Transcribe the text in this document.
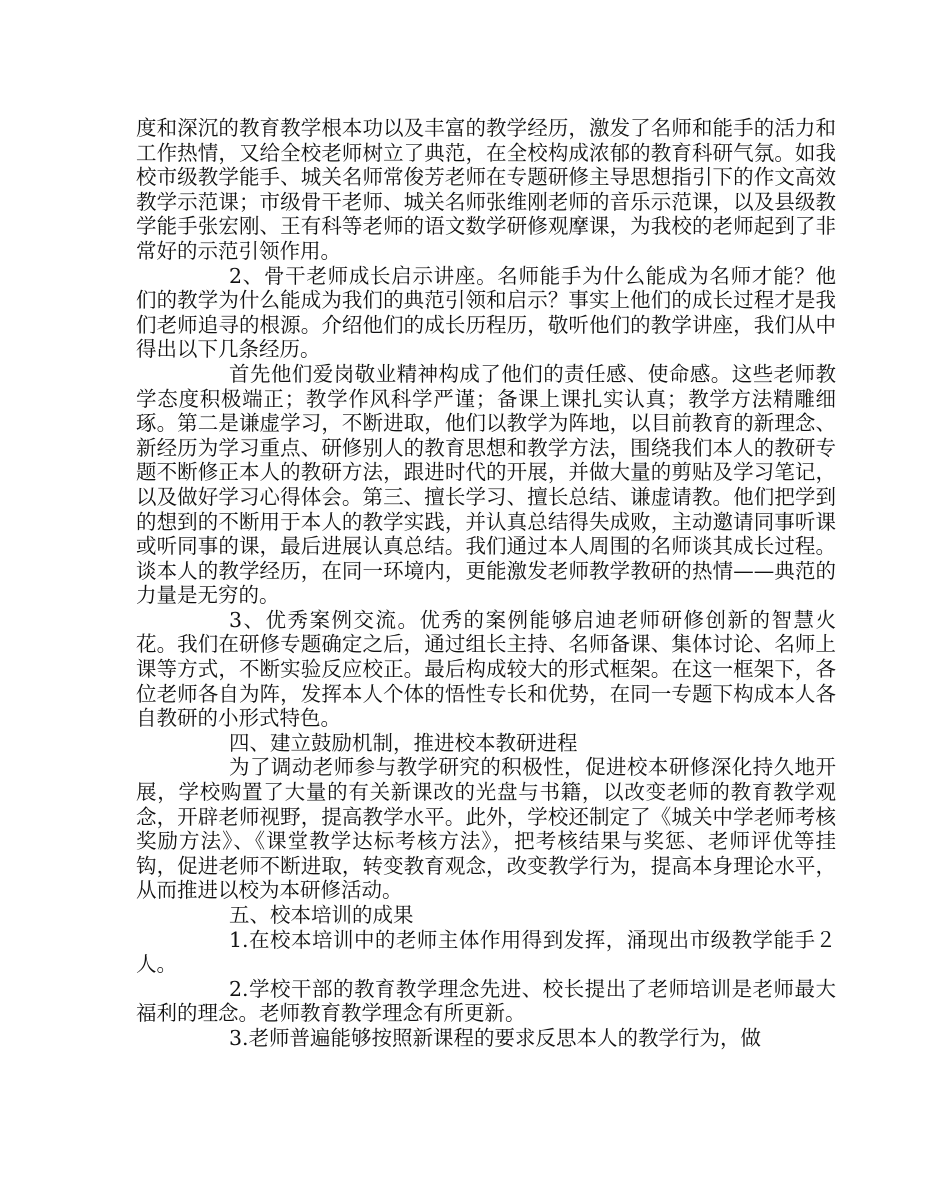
度和深沉的教育教学根本功以及丰富的教学经历，激发了名师和能手的活力和工作热情，又给全校老师树立了典范，在全校构成浓郁的教育科研气氛。如我校市级教学能手、城关名师常俊芳老师在专题研修主导思想指引下的作文高效教学示范课；市级骨干老师、城关名师张维刚老师的音乐示范课，以及县级教学能手张宏刚、王有科等老师的语文数学研修观摩课，为我校的老师起到了非常好的示范引领作用。

2、骨干老师成长启示讲座。名师能手为什么能成为名师才能？他们的教学为什么能成为我们的典范引领和启示？事实上他们的成长过程才是我们老师追寻的根源。介绍他们的成长历程历，敬听他们的教学讲座，我们从中得出以下几条经历。

首先他们爱岗敬业精神构成了他们的责任感、使命感。这些老师教学态度积极端正；教学作风科学严谨；备课上课扎实认真；教学方法精雕细琢。第二是谦虚学习，不断进取，他们以教学为阵地，以目前教育的新理念、新经历为学习重点、研修别人的教育思想和教学方法，围绕我们本人的教研专题不断修正本人的教研方法，跟进时代的开展，并做大量的剪贴及学习笔记，以及做好学习心得体会。第三、擅长学习、擅长总结、谦虚请教。他们把学到的想到的不断用于本人的教学实践，并认真总结得失成败，主动邀请同事听课或听同事的课，最后进展认真总结。我们通过本人周围的名师谈其成长过程。谈本人的教学经历，在同一环境内，更能激发老师教学教研的热情——典范的力量是无穷的。

3、优秀案例交流。优秀的案例能够启迪老师研修创新的智慧火花。我们在研修专题确定之后，通过组长主持、名师备课、集体讨论、名师上课等方式，不断实验反应校正。最后构成较大的形式框架。在这一框架下，各位老师各自为阵，发挥本人个体的悟性专长和优势，在同一专题下构成本人各自教研的小形式特色。

四、建立鼓励机制，推进校本教研进程

为了调动老师参与教学研究的积极性，促进校本研修深化持久地开展，学校购置了大量的有关新课改的光盘与书籍，以改变老师的教育教学观念，开辟老师视野，提高教学水平。此外，学校还制定了《城关中学老师考核奖励方法》、《课堂教学达标考核方法》，把考核结果与奖惩、老师评优等挂钩，促进老师不断进取，转变教育观念，改变教学行为，提高本身理论水平，从而推进以校为本研修活动。

五、校本培训的成果

1.在校本培训中的老师主体作用得到发挥，涌现出市级教学能手２人。

2.学校干部的教育教学理念先进、校长提出了老师培训是老师最大福利的理念。老师教育教学理念有所更新。

3.老师普遍能够按照新课程的要求反思本人的教学行为，做
